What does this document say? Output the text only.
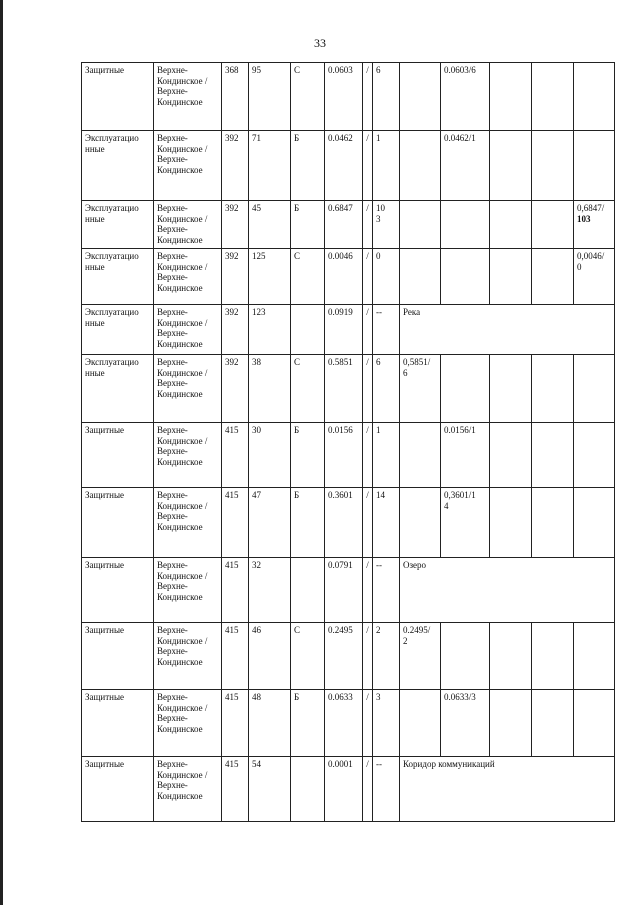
33
Защитные	Верхне-
Кондинское /
Верхне-
Кондинское	368	95	С	0.0603	/	6		0.0603/6			
Эксплуатацио
нные	Верхне-
Кондинское /
Верхне-
Кондинское	392	71	Б	0.0462	/	1		0.0462/1			
Эксплуатацио
нные	Верхне-
Кондинское /
Верхне-
Кондинское	392	45	Б	0.6847	/	10
3					0,6847/
103
Эксплуатацио
нные	Верхне-
Кондинское /
Верхне-
Кондинское	392	125	С	0.0046	/	0					0,0046/
0
Эксплуатацио
нные	Верхне-
Кондинское /
Верхне-
Кондинское	392	123		0.0919	/	--	Река				
Эксплуатацио
нные	Верхне-
Кондинское /
Верхне-
Кондинское	392	38	С	0.5851	/	6	0,5851/
6				
Защитные	Верхне-
Кондинское /
Верхне-
Кондинское	415	30	Б	0.0156	/	1		0.0156/1			
Защитные	Верхне-
Кондинское /
Верхне-
Кондинское	415	47	Б	0.3601	/	14		0,3601/1
4			
Защитные	Верхне-
Кондинское /
Верхне-
Кондинское	415	32		0.0791	/	--	Озеро				
Защитные	Верхне-
Кондинское /
Верхне-
Кондинское	415	46	С	0.2495	/	2	0.2495/
2				
Защитные	Верхне-
Кондинское /
Верхне-
Кондинское	415	48	Б	0.0633	/	3		0.0633/3			
Защитные	Верхне-
Кондинское /
Верхне-
Кондинское	415	54		0.0001	/	--	Коридор коммуникаций				
